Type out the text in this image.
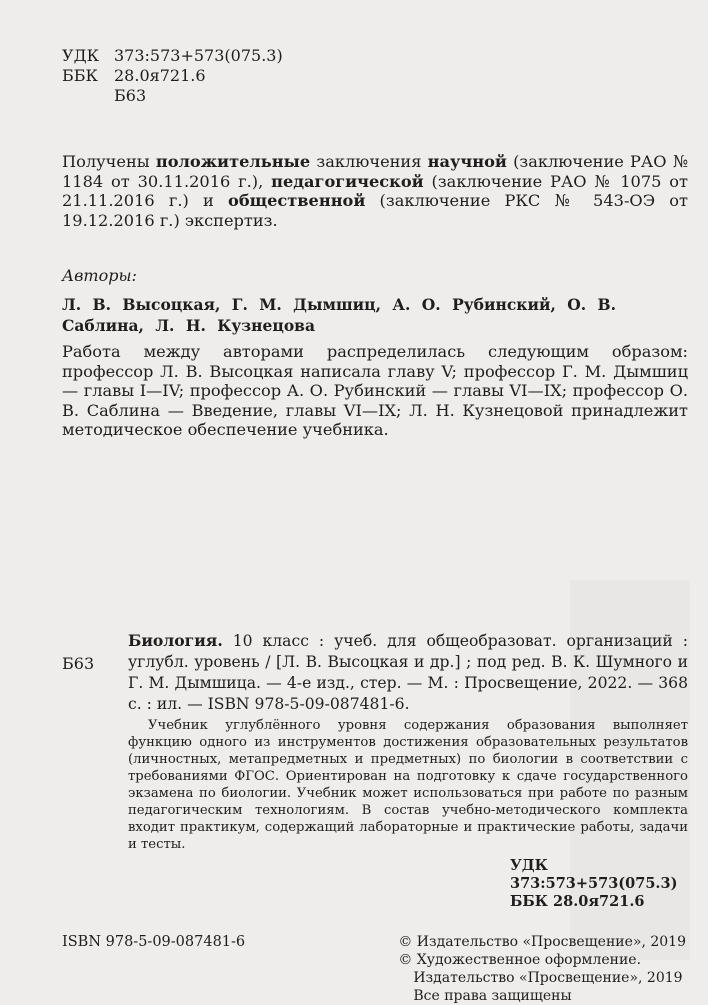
УДК 373:573+573(075.3)
ББК 28.0я721.6
Б63
Получены положительные заключения научной (заключение РАО № 1184 от 30.11.2016 г.), педагогической (заключение РАО № 1075 от 21.11.2016 г.) и общественной (заключение РКС № 543-ОЭ от 19.12.2016 г.) экспертиз.
Авторы:
Л. В. Высоцкая, Г. М. Дымшиц, А. О. Рубинский, О. В. Саблина, Л. Н. Кузнецова
Работа между авторами распределилась следующим образом: профессор Л. В. Высоцкая написала главу V; профессор Г. М. Дымшиц — главы I—IV; профессор А. О. Рубинский — главы VI—IX; профессор О. В. Саблина — Введение, главы VI—IX; Л. Н. Кузнецовой принадлежит методическое обеспечение учебника.
Б63
Биология. 10 класс : учеб. для общеобразоват. организаций : углубл. уровень / [Л. В. Высоцкая и др.] ; под ред. В. К. Шумного и Г. М. Дымшица. — 4-е изд., стер. — М. : Просвещение, 2022. — 368 с. : ил. — ISBN 978-5-09-087481-6.
Учебник углублённого уровня содержания образования выполняет функцию одного из инструментов достижения образовательных результатов (личностных, метапредметных и предметных) по биологии в соответствии с требованиями ФГОС. Ориентирован на подготовку к сдаче государственного экзамена по биологии. Учебник может использоваться при работе по разным педагогическим технологиям. В состав учебно-методического комплекта входит практикум, содержащий лабораторные и практические работы, задачи и тесты.
УДК 373:573+573(075.3)
ББК 28.0я721.6
ISBN 978-5-09-087481-6	© Издательство «Просвещение», 2019
© Художественное оформление.
Издательство «Просвещение», 2019
Все права защищены
